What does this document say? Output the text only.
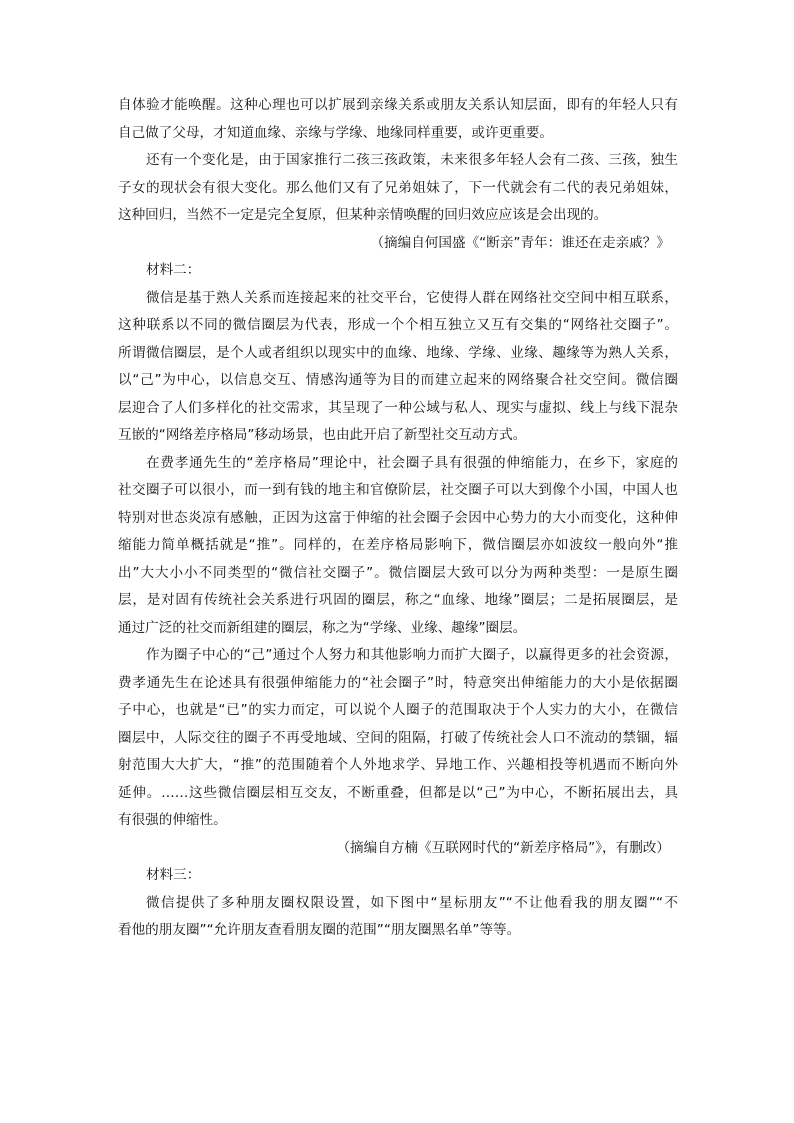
自体验才能唤醒。这种心理也可以扩展到亲缘关系或朋友关系认知层面，即有的年轻人只有
自己做了父母，才知道血缘、亲缘与学缘、地缘同样重要，或许更重要。
还有一个变化是，由于国家推行二孩三孩政策，未来很多年轻人会有二孩、三孩，独生
子女的现状会有很大变化。那么他们又有了兄弟姐妹了，下一代就会有二代的表兄弟姐妹，
这种回归，当然不一定是完全复原，但某种亲情唤醒的回归效应应该是会出现的。
（摘编自何国盛《“断亲”青年：谁还在走亲戚？》
材料二：
微信是基于熟人关系而连接起来的社交平台，它使得人群在网络社交空间中相互联系，
这种联系以不同的微信圈层为代表，形成一个个相互独立又互有交集的“网络社交圈子”。
所谓微信圈层，是个人或者组织以现实中的血缘、地缘、学缘、业缘、趣缘等为熟人关系，
以“己”为中心，以信息交互、情感沟通等为目的而建立起来的网络聚合社交空间。微信圈
层迎合了人们多样化的社交需求，其呈现了一种公域与私人、现实与虚拟、线上与线下混杂
互嵌的“网络差序格局”移动场景，也由此开启了新型社交互动方式。
在费孝通先生的“差序格局”理论中，社会圈子具有很强的伸缩能力，在乡下，家庭的
社交圈子可以很小，而一到有钱的地主和官僚阶层，社交圈子可以大到像个小国，中国人也
特别对世态炎凉有感触，正因为这富于伸缩的社会圈子会因中心势力的大小而变化，这种伸
缩能力简单概括就是“推”。同样的，在差序格局影响下，微信圈层亦如波纹一般向外“推
出”大大小小不同类型的“微信社交圈子”。微信圈层大致可以分为两种类型：一是原生圈
层，是对固有传统社会关系进行巩固的圈层，称之“血缘、地缘”圈层；二是拓展圈层，是
通过广泛的社交而新组建的圈层，称之为“学缘、业缘、趣缘”圈层。
作为圈子中心的“己”通过个人努力和其他影响力而扩大圈子，以赢得更多的社会资源，
费孝通先生在论述具有很强伸缩能力的“社会圈子”时，特意突出伸缩能力的大小是依据圈
子中心，也就是“已”的实力而定，可以说个人圈子的范围取决于个人实力的大小，在微信
圈层中，人际交往的圈子不再受地域、空间的阻隔，打破了传统社会人口不流动的禁锢，辐
射范围大大扩大，“推”的范围随着个人外地求学、异地工作、兴趣相投等机遇而不断向外
延伸。……这些微信圈层相互交友，不断重叠，但都是以“己”为中心，不断拓展出去，具
有很强的伸缩性。
（摘编自方楠《互联网时代的“新差序格局”》，有删改）
材料三：
微信提供了多种朋友圈权限设置，如下图中“星标朋友”“不让他看我的朋友圈”“不
看他的朋友圈”“允许朋友查看朋友圈的范围”“朋友圈黑名单”等等。
